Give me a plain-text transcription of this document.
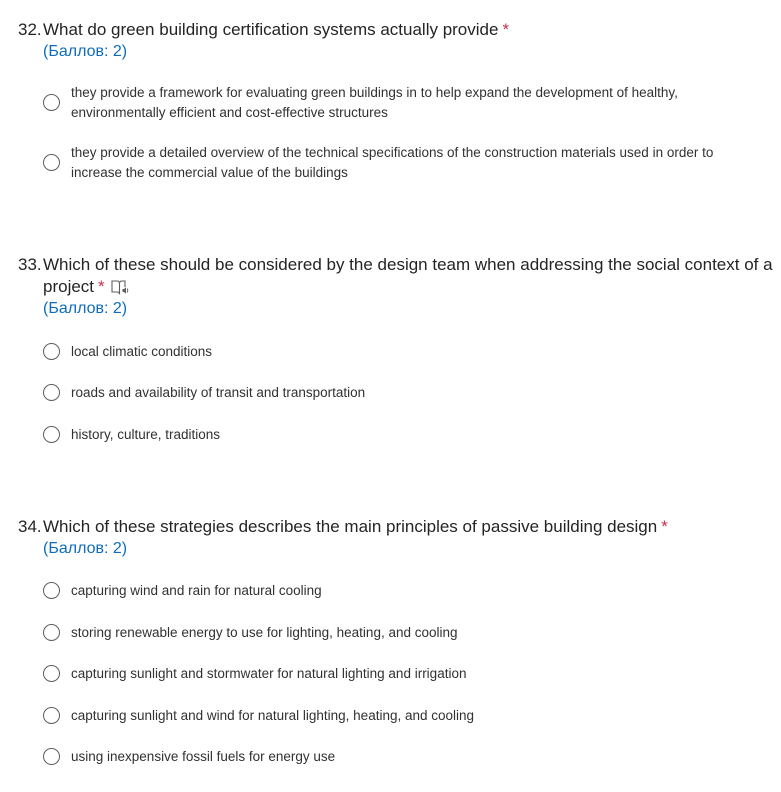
32.What do green building certification systems actually provide *
(Баллов: 2)
they provide a framework for evaluating green buildings in to help expand the development of healthy, environmentally efficient and cost-effective structures
they provide a detailed overview of the technical specifications of the construction materials used in order to increase the commercial value of the buildings
33.Which of these should be considered by the design team when addressing the social context of a
project *
(Баллов: 2)
local climatic conditions
roads and availability of transit and transportation
history, culture, traditions
34.Which of these strategies describes the main principles of passive building design *
(Баллов: 2)
capturing wind and rain for natural cooling
storing renewable energy to use for lighting, heating, and cooling
capturing sunlight and stormwater for natural lighting and irrigation
capturing sunlight and wind for natural lighting, heating, and cooling
using inexpensive fossil fuels for energy use
